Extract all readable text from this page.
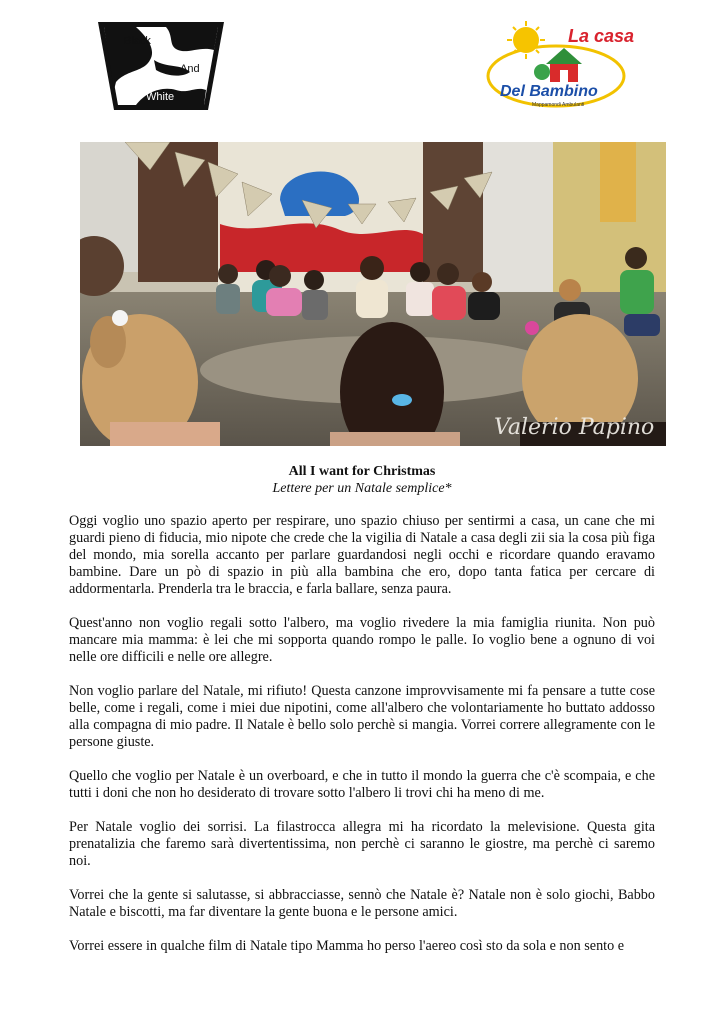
Black
And
White
La casa
Del Bambino
Mappamondi Ambulanti
Valerio Papino
All I want for Christmas
Lettere per un Natale semplice*

Oggi voglio uno spazio aperto per respirare, uno spazio chiuso per sentirmi a casa, un cane che mi guardi pieno di fiducia, mio nipote che crede che la vigilia di Natale a casa degli zii sia la cosa più figa del mondo, mia sorella accanto per parlare guardandosi negli occhi e ricordare quando eravamo bambine. Dare un pò di spazio in più alla bambina che ero, dopo tanta fatica per cercare di addormentarla. Prenderla tra le braccia, e farla ballare, senza paura.

Quest'anno non voglio regali sotto l'albero, ma voglio rivedere la mia famiglia riunita. Non può mancare mia mamma: è lei che mi sopporta quando rompo le palle. Io voglio bene a ognuno di voi nelle ore difficili e nelle ore allegre.

Non voglio parlare del Natale, mi rifiuto! Questa canzone improvvisamente mi fa pensare a tutte cose belle, come i regali, come i miei due nipotini, come all'albero che volontariamente ho buttato addosso alla compagna di mio padre. Il Natale è bello solo perchè si mangia. Vorrei correre allegramente con le persone giuste.

Quello che voglio per Natale è un overboard, e che in tutto il mondo la guerra che c'è scompaia, e che tutti i doni che non ho desiderato di trovare sotto l'albero li trovi chi ha meno di me.

Per Natale voglio dei sorrisi. La filastrocca allegra mi ha ricordato la melevisione. Questa gita prenatalizia che faremo sarà divertentissima, non perchè ci saranno le giostre, ma perchè ci saremo noi.

Vorrei che la gente si salutasse, si abbracciasse, sennò che Natale è? Natale non è solo giochi, Babbo Natale e biscotti, ma far diventare la gente buona e le persone amici.

Vorrei essere in qualche film di Natale tipo Mamma ho perso l'aereo così sto da sola e non sento e
